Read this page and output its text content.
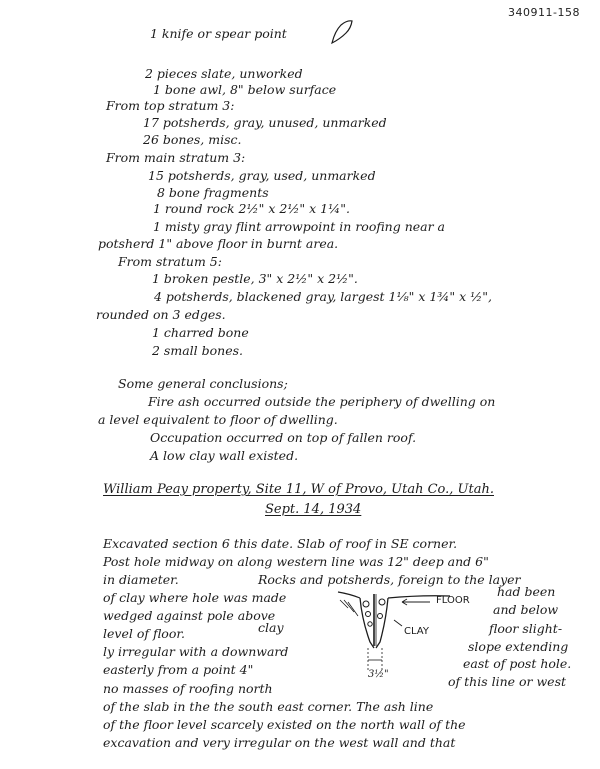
340911-158
1 knife or spear point
2 pieces slate, unworked
1 bone awl, 8" below surface
From top stratum 3:
17 potsherds, gray, unused, unmarked
26 bones, misc.
From main stratum 3:
15 potsherds, gray, used, unmarked
8 bone fragments
1 round rock 2½" x 2½" x 1¼".
1 misty gray flint arrowpoint in roofing near a
potsherd 1" above floor in burnt area.
From stratum 5:
1 broken pestle, 3" x 2½" x 2½".
4 potsherds, blackened gray, largest 1⅛" x 1¾" x ½",
rounded on 3 edges.
1 charred bone
2 small bones.
Some general conclusions;
Fire ash occurred outside the periphery of dwelling on
a level equivalent to floor of dwelling.
Occupation occurred on top of fallen roof.
A low clay wall existed.
William Peay property, Site 11, W of Provo, Utah Co., Utah.
Sept. 14, 1934
Excavated section 6 this date. Slab of roof in SE corner.
Post hole midway on along western line was 12" deep and 6"
in diameter.	Rocks and potsherds, foreign to the layer
of clay where hole was made	had been
wedged against pole above	and below
level of floor.	clay	floor slight-
ly irregular with a downward	slope extending
easterly from a point 4"	east of post hole.
no masses of roofing north	of this line or west
of the slab in the the south east corner. The ash line
of the floor level scarcely existed on the north wall of the
excavation and very irregular on the west wall and that
FLOOR
CLAY
3½"
